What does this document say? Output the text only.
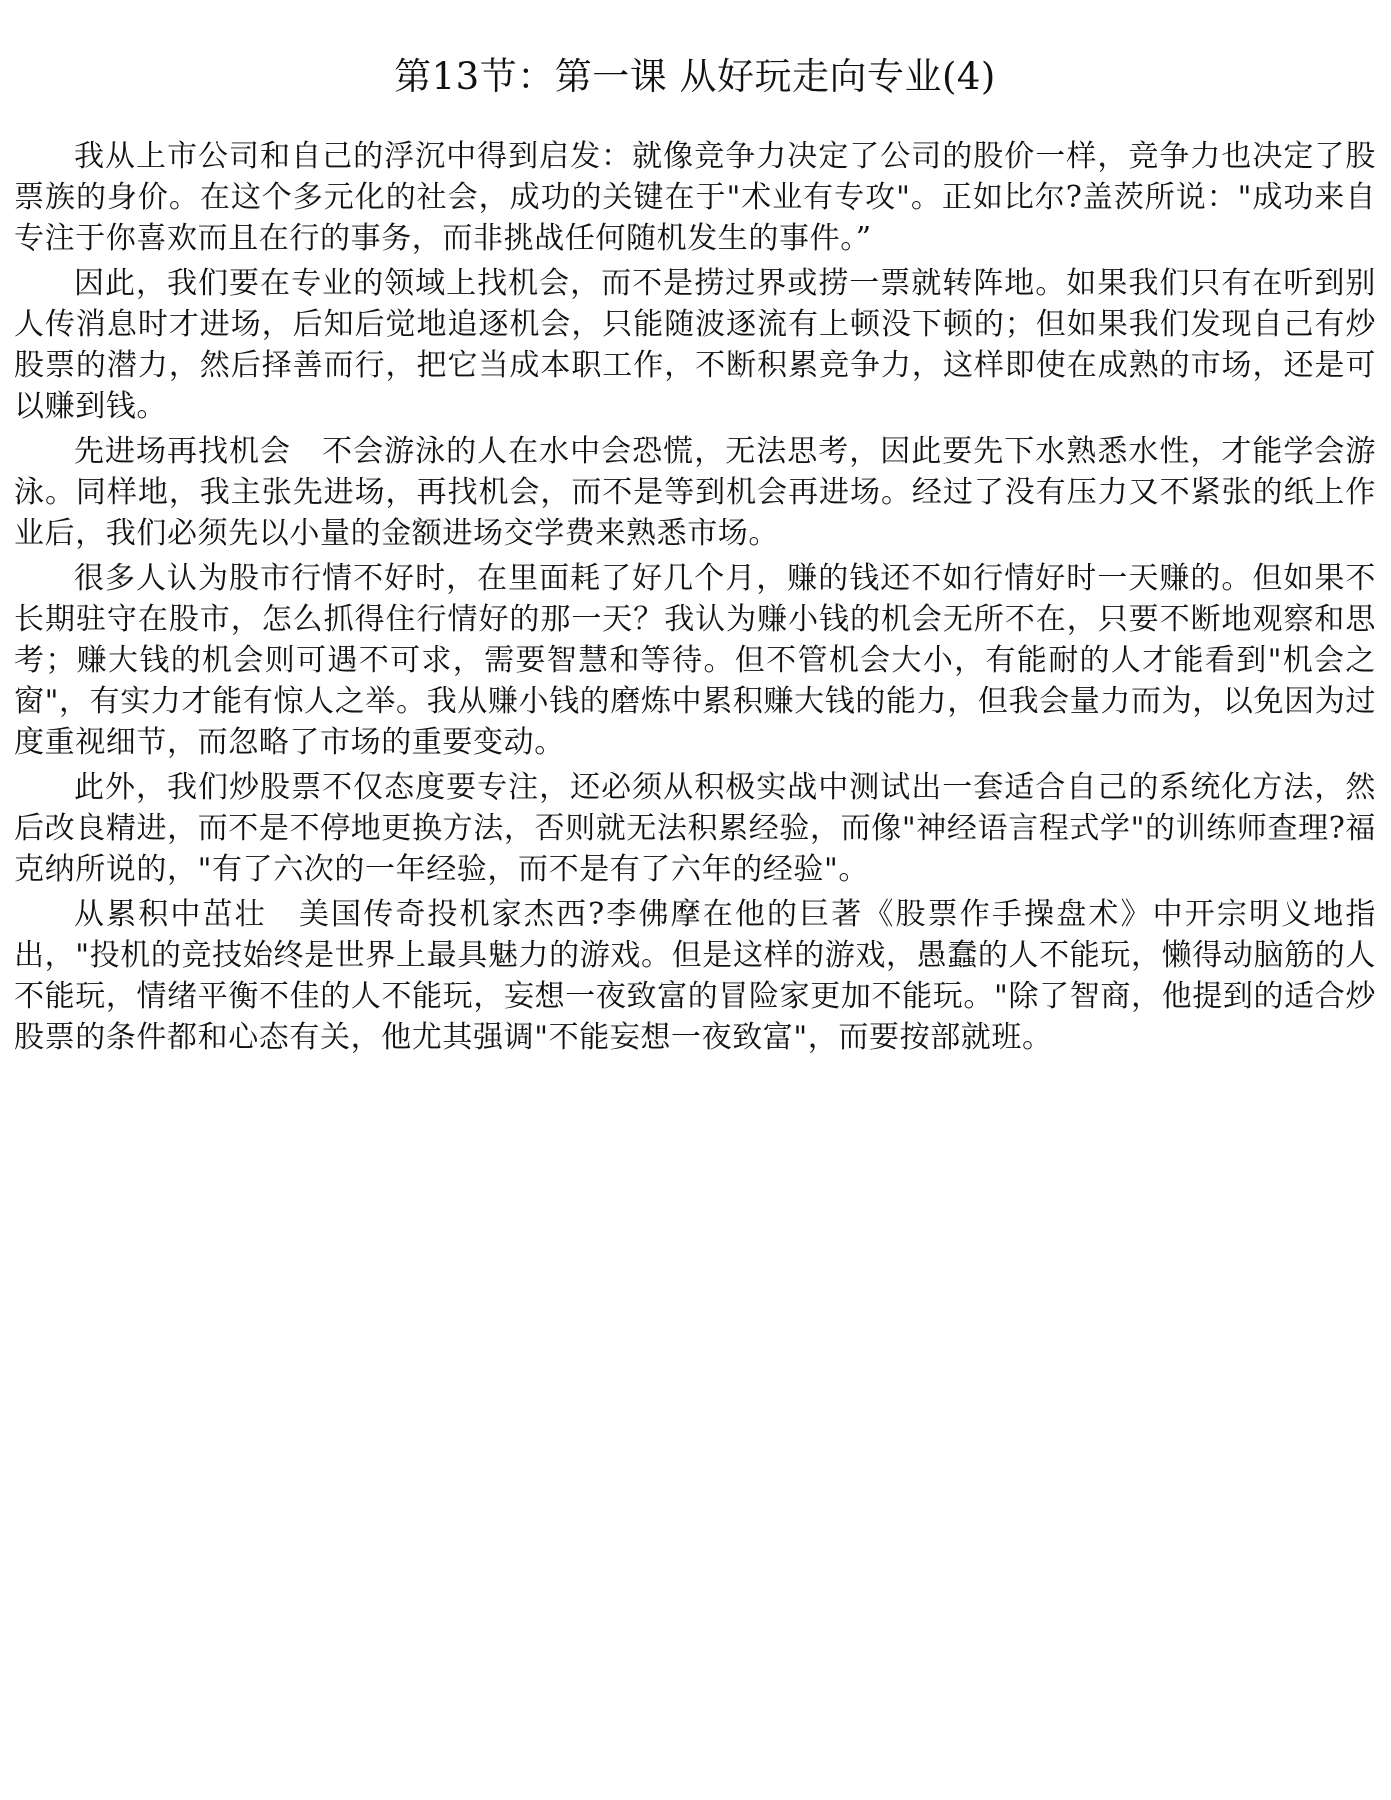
第13节：第一课 从好玩走向专业(4)

我从上市公司和自己的浮沉中得到启发：就像竞争力决定了公司的股价一样，竞争力也决定了股票族的身价。在这个多元化的社会，成功的关键在于"术业有专攻"。正如比尔?盖茨所说："成功来自专注于你喜欢而且在行的事务，而非挑战任何随机发生的事件。”

因此，我们要在专业的领域上找机会，而不是捞过界或捞一票就转阵地。如果我们只有在听到别人传消息时才进场，后知后觉地追逐机会，只能随波逐流有上顿没下顿的；但如果我们发现自己有炒股票的潜力，然后择善而行，把它当成本职工作，不断积累竞争力，这样即使在成熟的市场，还是可以赚到钱。

先进场再找机会　不会游泳的人在水中会恐慌，无法思考，因此要先下水熟悉水性，才能学会游泳。同样地，我主张先进场，再找机会，而不是等到机会再进场。经过了没有压力又不紧张的纸上作业后，我们必须先以小量的金额进场交学费来熟悉市场。

很多人认为股市行情不好时，在里面耗了好几个月，赚的钱还不如行情好时一天赚的。但如果不长期驻守在股市，怎么抓得住行情好的那一天？我认为赚小钱的机会无所不在，只要不断地观察和思考；赚大钱的机会则可遇不可求，需要智慧和等待。但不管机会大小，有能耐的人才能看到"机会之窗"，有实力才能有惊人之举。我从赚小钱的磨炼中累积赚大钱的能力，但我会量力而为，以免因为过度重视细节，而忽略了市场的重要变动。

此外，我们炒股票不仅态度要专注，还必须从积极实战中测试出一套适合自己的系统化方法，然后改良精进，而不是不停地更换方法，否则就无法积累经验，而像"神经语言程式学"的训练师查理?福克纳所说的，"有了六次的一年经验，而不是有了六年的经验"。

从累积中茁壮　美国传奇投机家杰西?李佛摩在他的巨著《股票作手操盘术》中开宗明义地指出，"投机的竞技始终是世界上最具魅力的游戏。但是这样的游戏，愚蠢的人不能玩，懒得动脑筋的人不能玩，情绪平衡不佳的人不能玩，妄想一夜致富的冒险家更加不能玩。"除了智商，他提到的适合炒股票的条件都和心态有关，他尤其强调"不能妄想一夜致富"，而要按部就班。
